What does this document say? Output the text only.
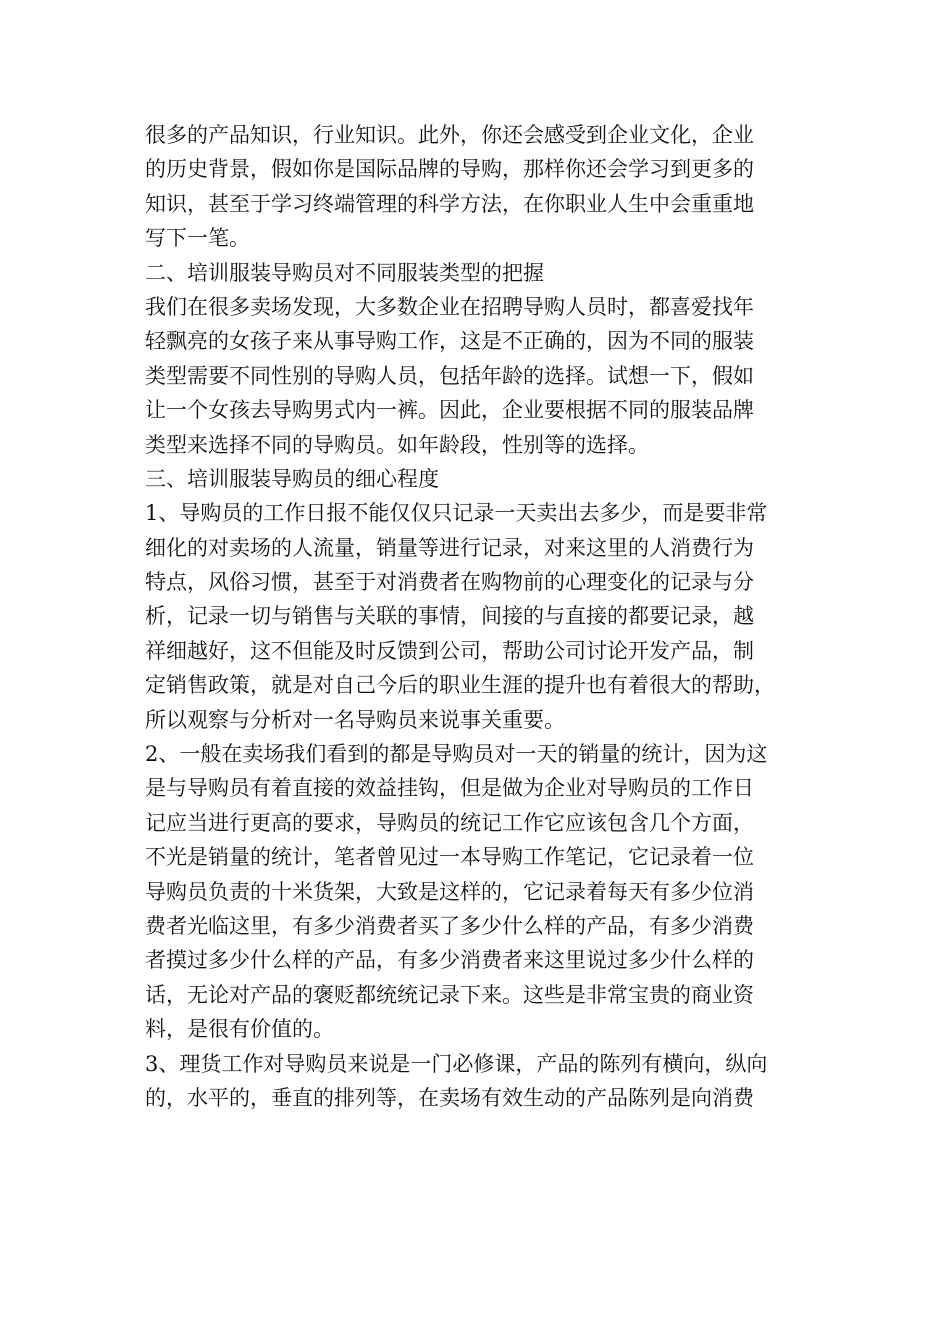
很多的产品知识，行业知识。此外，你还会感受到企业文化，企业
的历史背景，假如你是国际品牌的导购，那样你还会学习到更多的
知识，甚至于学习终端管理的科学方法，在你职业人生中会重重地
写下一笔。
二、培训服装导购员对不同服装类型的把握
我们在很多卖场发现，大多数企业在招聘导购人员时，都喜爱找年
轻飘亮的女孩子来从事导购工作，这是不正确的，因为不同的服装
类型需要不同性别的导购人员，包括年龄的选择。试想一下，假如
让一个女孩去导购男式内一裤。因此，企业要根据不同的服装品牌
类型来选择不同的导购员。如年龄段，性别等的选择。
三、培训服装导购员的细心程度
1、导购员的工作日报不能仅仅只记录一天卖出去多少，而是要非常
细化的对卖场的人流量，销量等进行记录，对来这里的人消费行为
特点，风俗习惯，甚至于对消费者在购物前的心理变化的记录与分
析，记录一切与销售与关联的事情，间接的与直接的都要记录，越
祥细越好，这不但能及时反馈到公司，帮助公司讨论开发产品，制
定销售政策，就是对自己今后的职业生涯的提升也有着很大的帮助，
所以观察与分析对一名导购员来说事关重要。
2、一般在卖场我们看到的都是导购员对一天的销量的统计，因为这
是与导购员有着直接的效益挂钩，但是做为企业对导购员的工作日
记应当进行更高的要求，导购员的统记工作它应该包含几个方面，
不光是销量的统计，笔者曾见过一本导购工作笔记，它记录着一位
导购员负责的十米货架，大致是这样的，它记录着每天有多少位消
费者光临这里，有多少消费者买了多少什么样的产品，有多少消费
者摸过多少什么样的产品，有多少消费者来这里说过多少什么样的
话，无论对产品的褒贬都统统记录下来。这些是非常宝贵的商业资
料，是很有价值的。
3、理货工作对导购员来说是一门必修课，产品的陈列有横向，纵向
的，水平的，垂直的排列等，在卖场有效生动的产品陈列是向消费
